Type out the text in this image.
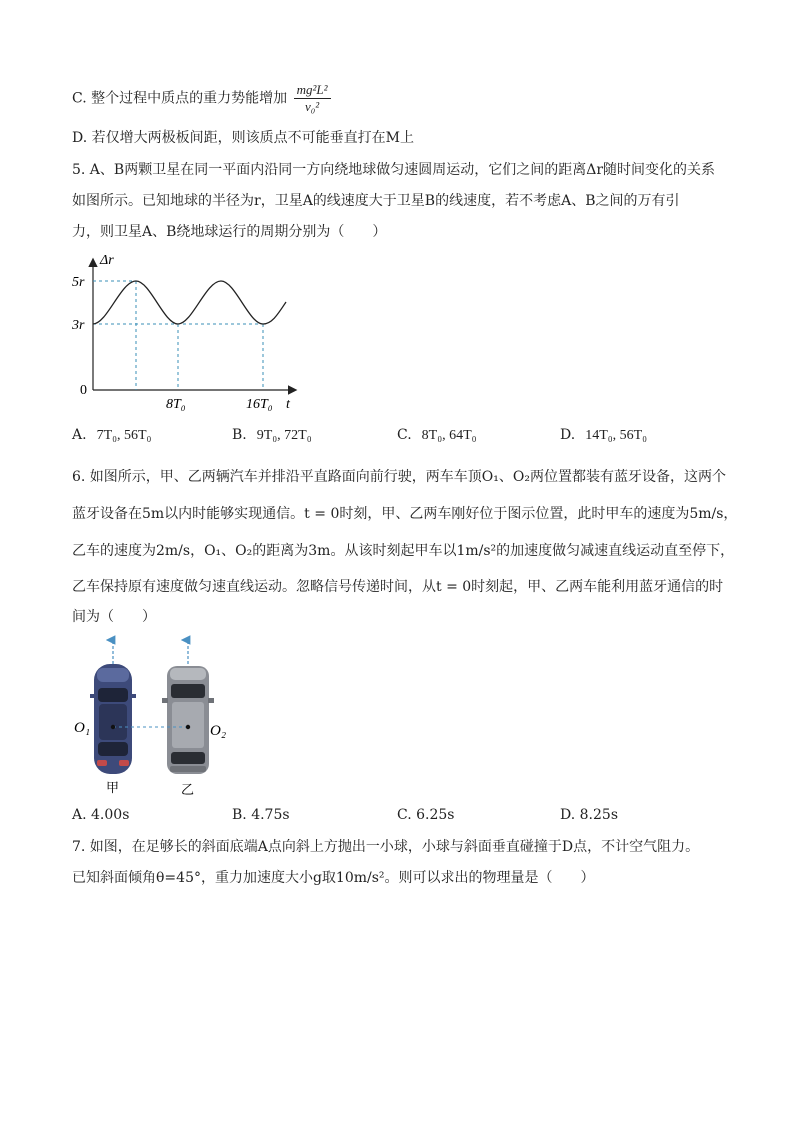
C. 整个过程中质点的重力势能增加 $\frac{\text{mg²L²}}{\text{v₀²}}$
D. 若仅增大两极板间距，则该质点不可能垂直打在M上
5. A、B两颗卫星在同一平面内沿同一方向绕地球做匀速圆周运动，它们之间的距离Δr随时间变化的关系
如图所示。已知地球的半径为r，卫星A的线速度大于卫星B的线速度，若不考虑A、B之间的万有引
力，则卫星A、B绕地球运行的周期分别为（　　）
Δr
5r
3r
0
8T₀	16T₀ t
A. 7T₀, 56T₀	B. 9T₀, 72T₀	C. 8T₀, 64T₀	D. 14T₀, 56T₀
6. 如图所示，甲、乙两辆汽车并排沿平直路面向前行驶，两车车顶O₁、O₂两位置都装有蓝牙设备，这两个
蓝牙设备在5m以内时能够实现通信。t = 0时刻，甲、乙两车刚好位于图示位置，此时甲车的速度为5m/s，
乙车的速度为2m/s，O₁、O₂的距离为3m。从该时刻起甲车以1m/s²的加速度做匀减速直线运动直至停下，
乙车保持原有速度做匀速直线运动。忽略信号传递时间，从t = 0时刻起，甲、乙两车能利用蓝牙通信的时
间为（　　）
O₁	O₂
甲	乙
A. 4.00s	B. 4.75s	C. 6.25s	D. 8.25s
7. 如图，在足够长的斜面底端A点向斜上方抛出一小球，小球与斜面垂直碰撞于D点，不计空气阻力。
已知斜面倾角θ=45°，重力加速度大小g取10m/s²。则可以求出的物理量是（　　）
